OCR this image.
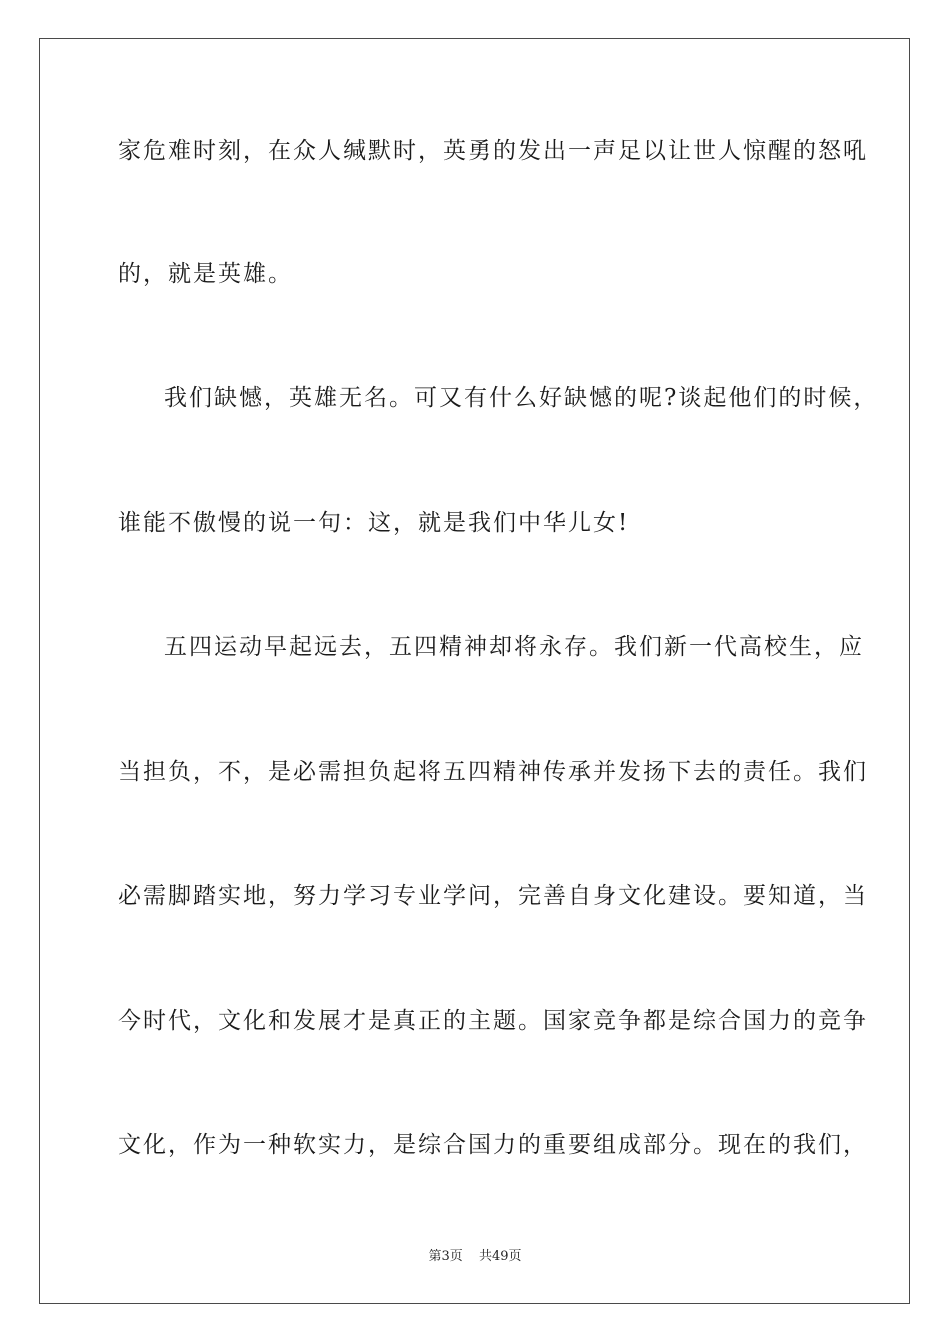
家危难时刻，在众人缄默时，英勇的发出一声足以让世人惊醒的怒吼
的，就是英雄。
我们缺憾，英雄无名。可又有什么好缺憾的呢?谈起他们的时候，
谁能不傲慢的说一句：这，就是我们中华儿女!
五四运动早起远去，五四精神却将永存。我们新一代高校生，应
当担负，不，是必需担负起将五四精神传承并发扬下去的责任。我们
必需脚踏实地，努力学习专业学问，完善自身文化建设。要知道，当
今时代，文化和发展才是真正的主题。国家竞争都是综合国力的竞争
文化，作为一种软实力，是综合国力的重要组成部分。现在的我们，
第3页 共49页
